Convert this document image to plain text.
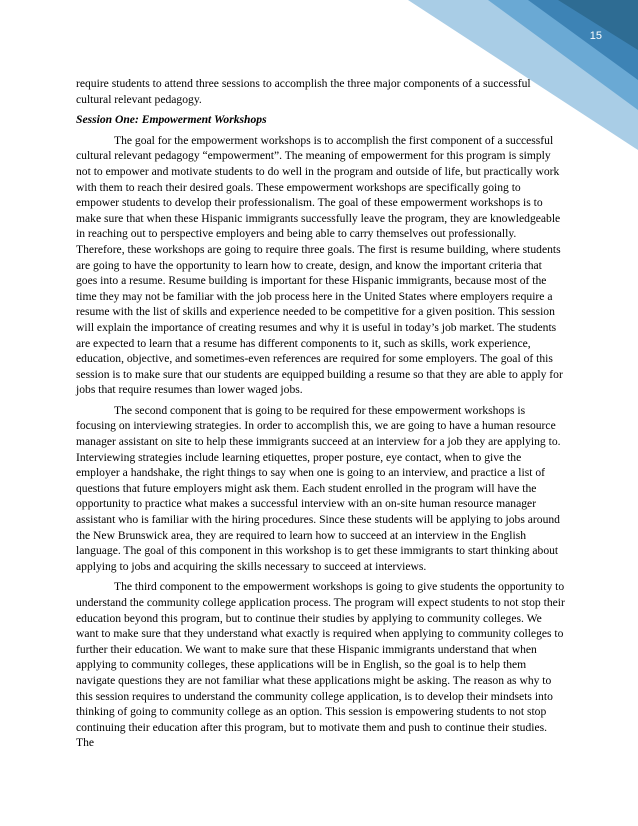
15

require students to attend three sessions to accomplish the three major components of a successful cultural relevant pedagogy.

Session One: Empowerment Workshops

The goal for the empowerment workshops is to accomplish the first component of a successful cultural relevant pedagogy “empowerment”. The meaning of empowerment for this program is simply not to empower and motivate students to do well in the program and outside of life, but practically work with them to reach their desired goals. These empowerment workshops are specifically going to empower students to develop their professionalism. The goal of these empowerment workshops is to make sure that when these Hispanic immigrants successfully leave the program, they are knowledgeable in reaching out to perspective employers and being able to carry themselves out professionally. Therefore, these workshops are going to require three goals. The first is resume building, where students are going to have the opportunity to learn how to create, design, and know the important criteria that goes into a resume. Resume building is important for these Hispanic immigrants, because most of the time they may not be familiar with the job process here in the United States where employers require a resume with the list of skills and experience needed to be competitive for a given position. This session will explain the importance of creating resumes and why it is useful in today’s job market. The students are expected to learn that a resume has different components to it, such as skills, work experience, education, objective, and sometimes-even references are required for some employers. The goal of this session is to make sure that our students are equipped building a resume so that they are able to apply for jobs that require resumes than lower waged jobs.

The second component that is going to be required for these empowerment workshops is focusing on interviewing strategies. In order to accomplish this, we are going to have a human resource manager assistant on site to help these immigrants succeed at an interview for a job they are applying to. Interviewing strategies include learning etiquettes, proper posture, eye contact, when to give the employer a handshake, the right things to say when one is going to an interview, and practice a list of questions that future employers might ask them. Each student enrolled in the program will have the opportunity to practice what makes a successful interview with an on-site human resource manager assistant who is familiar with the hiring procedures. Since these students will be applying to jobs around the New Brunswick area, they are required to learn how to succeed at an interview in the English language. The goal of this component in this workshop is to get these immigrants to start thinking about applying to jobs and acquiring the skills necessary to succeed at interviews.

The third component to the empowerment workshops is going to give students the opportunity to understand the community college application process. The program will expect students to not stop their education beyond this program, but to continue their studies by applying to community colleges. We want to make sure that they understand what exactly is required when applying to community colleges to further their education. We want to make sure that these Hispanic immigrants understand that when applying to community colleges, these applications will be in English, so the goal is to help them navigate questions they are not familiar what these applications might be asking. The reason as why to this session requires to understand the community college application, is to develop their mindsets into thinking of going to community college as an option. This session is empowering students to not stop continuing their education after this program, but to motivate them and push to continue their studies. The
